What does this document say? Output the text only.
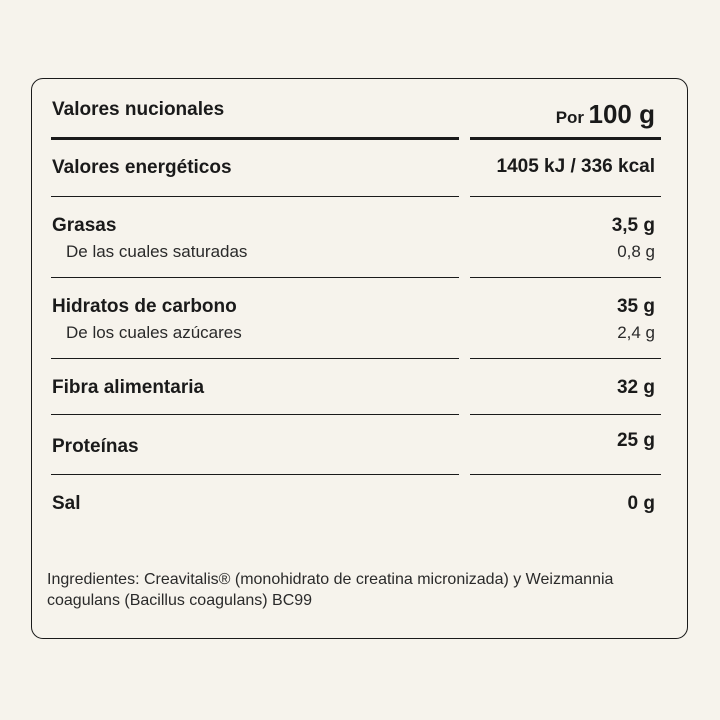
Valores nucionales	Por 100 g
Valores energéticos	1405 kJ / 336 kcal
Grasas	3,5 g
De las cuales saturadas	0,8 g
Hidratos de carbono	35 g
De los cuales azúcares	2,4 g
Fibra alimentaria	32 g
Proteínas	25 g
Sal	0 g
Ingredientes: Creavitalis® (monohidrato de creatina micronizada) y Weizmannia coagulans (Bacillus coagulans) BC99
